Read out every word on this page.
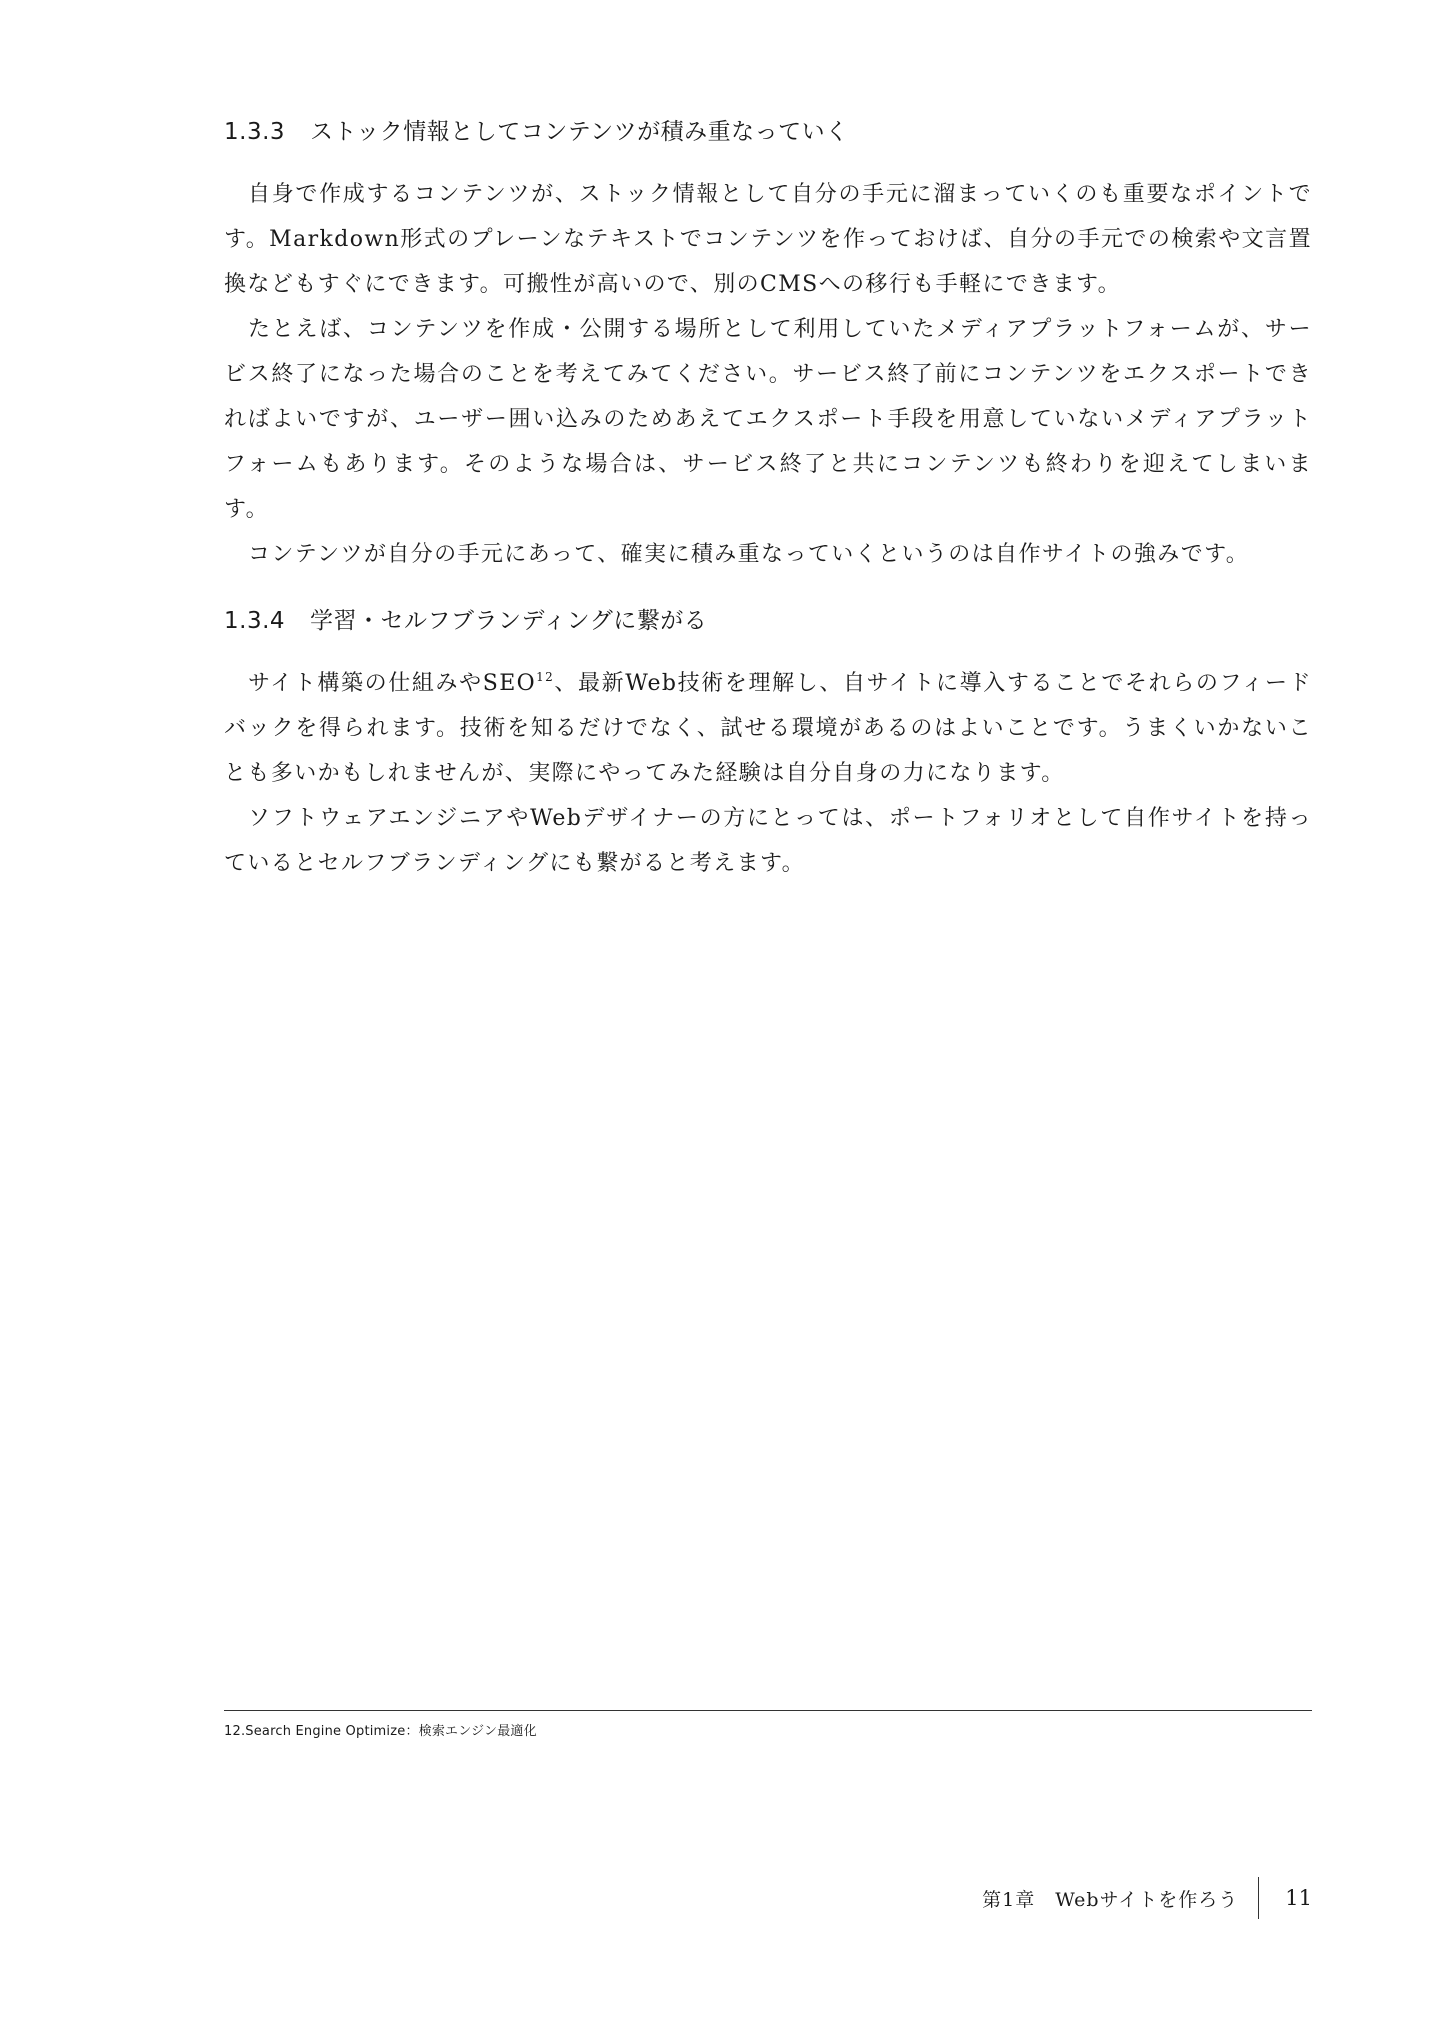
1.3.3	ストック情報としてコンテンツが積み重なっていく

自身で作成するコンテンツが、ストック情報として自分の手元に溜まっていくのも重要なポイントです。Markdown形式のプレーンなテキストでコンテンツを作っておけば、自分の手元での検索や文言置換などもすぐにできます。可搬性が高いので、別のCMSへの移行も手軽にできます。

たとえば、コンテンツを作成・公開する場所として利用していたメディアプラットフォームが、サービス終了になった場合のことを考えてみてください。サービス終了前にコンテンツをエクスポートできればよいですが、ユーザー囲い込みのためあえてエクスポート手段を用意していないメディアプラットフォームもあります。そのような場合は、サービス終了と共にコンテンツも終わりを迎えてしまいます。

コンテンツが自分の手元にあって、確実に積み重なっていくというのは自作サイトの強みです。

1.3.4	学習・セルフブランディングに繋がる

サイト構築の仕組みやSEO$^{12}$、最新Web技術を理解し、自サイトに導入することでそれらのフィードバックを得られます。技術を知るだけでなく、試せる環境があるのはよいことです。うまくいかないことも多いかもしれませんが、実際にやってみた経験は自分自身の力になります。

ソフトウェアエンジニアやWebデザイナーの方にとっては、ポートフォリオとして自作サイトを持っているとセルフブランディングにも繋がると考えます。

12.Search Engine Optimize：検索エンジン最適化
第1章　Webサイトを作ろう 11
